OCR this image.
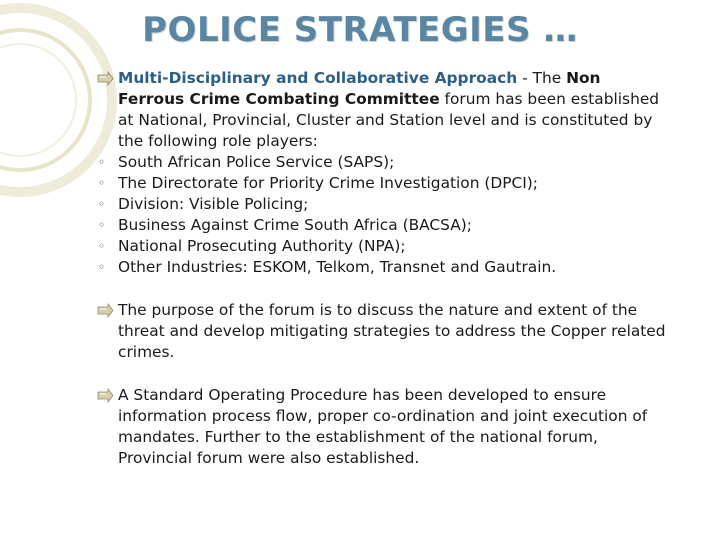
POLICE STRATEGIES …

Multi-Disciplinary and Collaborative Approach - The Non Ferrous Crime Combating Committee forum has been established at National, Provincial, Cluster and Station level and is constituted by the following role players:

◦ South African Police Service (SAPS);
◦ The Directorate for Priority Crime Investigation (DPCI);
◦ Division: Visible Policing;
◦ Business Against Crime South Africa (BACSA);
◦ National Prosecuting Authority (NPA);
◦ Other Industries: ESKOM, Telkom, Transnet and Gautrain.

The purpose of the forum is to discuss the nature and extent of the threat and develop mitigating strategies to address the Copper related crimes.

A Standard Operating Procedure has been developed to ensure information process flow, proper co-ordination and joint execution of mandates. Further to the establishment of the national forum, Provincial forum were also established.
